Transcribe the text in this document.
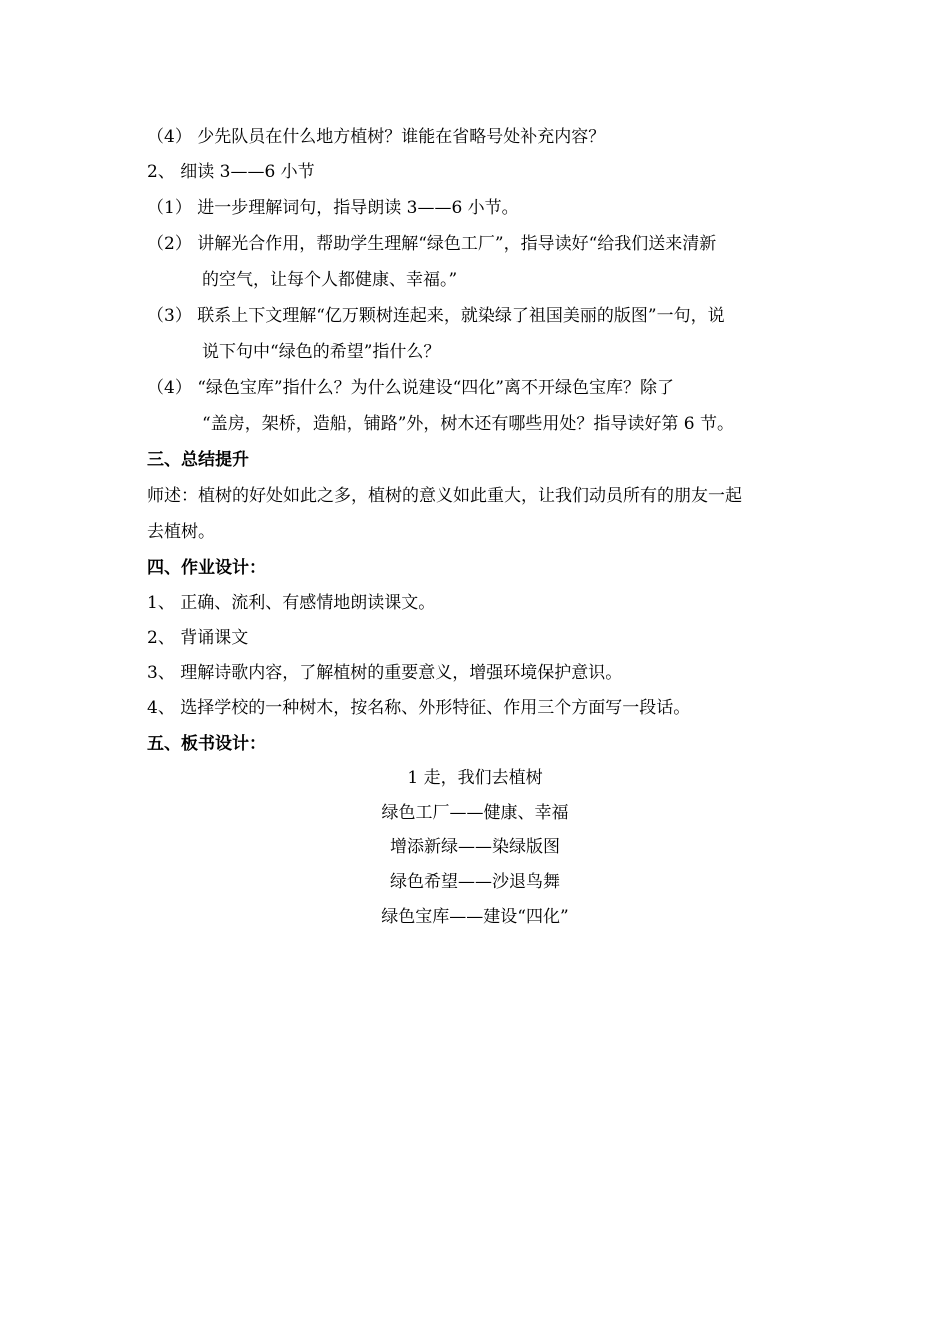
（4） 少先队员在什么地方植树？谁能在省略号处补充内容？
2、 细读 3——6 小节
（1） 进一步理解词句，指导朗读 3——6 小节。
（2） 讲解光合作用，帮助学生理解“绿色工厂”，指导读好“给我们送来清新
的空气，让每个人都健康、幸福。”
（3） 联系上下文理解“亿万颗树连起来，就染绿了祖国美丽的版图”一句，说
说下句中“绿色的希望”指什么？
（4） “绿色宝库”指什么？为什么说建设“四化”离不开绿色宝库？除了
“盖房，架桥，造船，铺路”外，树木还有哪些用处？指导读好第 6 节。
三、总结提升
师述：植树的好处如此之多，植树的意义如此重大，让我们动员所有的朋友一起
去植树。
四、作业设计：
1、 正确、流利、有感情地朗读课文。
2、 背诵课文
3、 理解诗歌内容，了解植树的重要意义，增强环境保护意识。
4、 选择学校的一种树木，按名称、外形特征、作用三个方面写一段话。
五、板书设计：
1 走，我们去植树
绿色工厂——健康、幸福
增添新绿——染绿版图
绿色希望——沙退鸟舞
绿色宝库——建设“四化”
